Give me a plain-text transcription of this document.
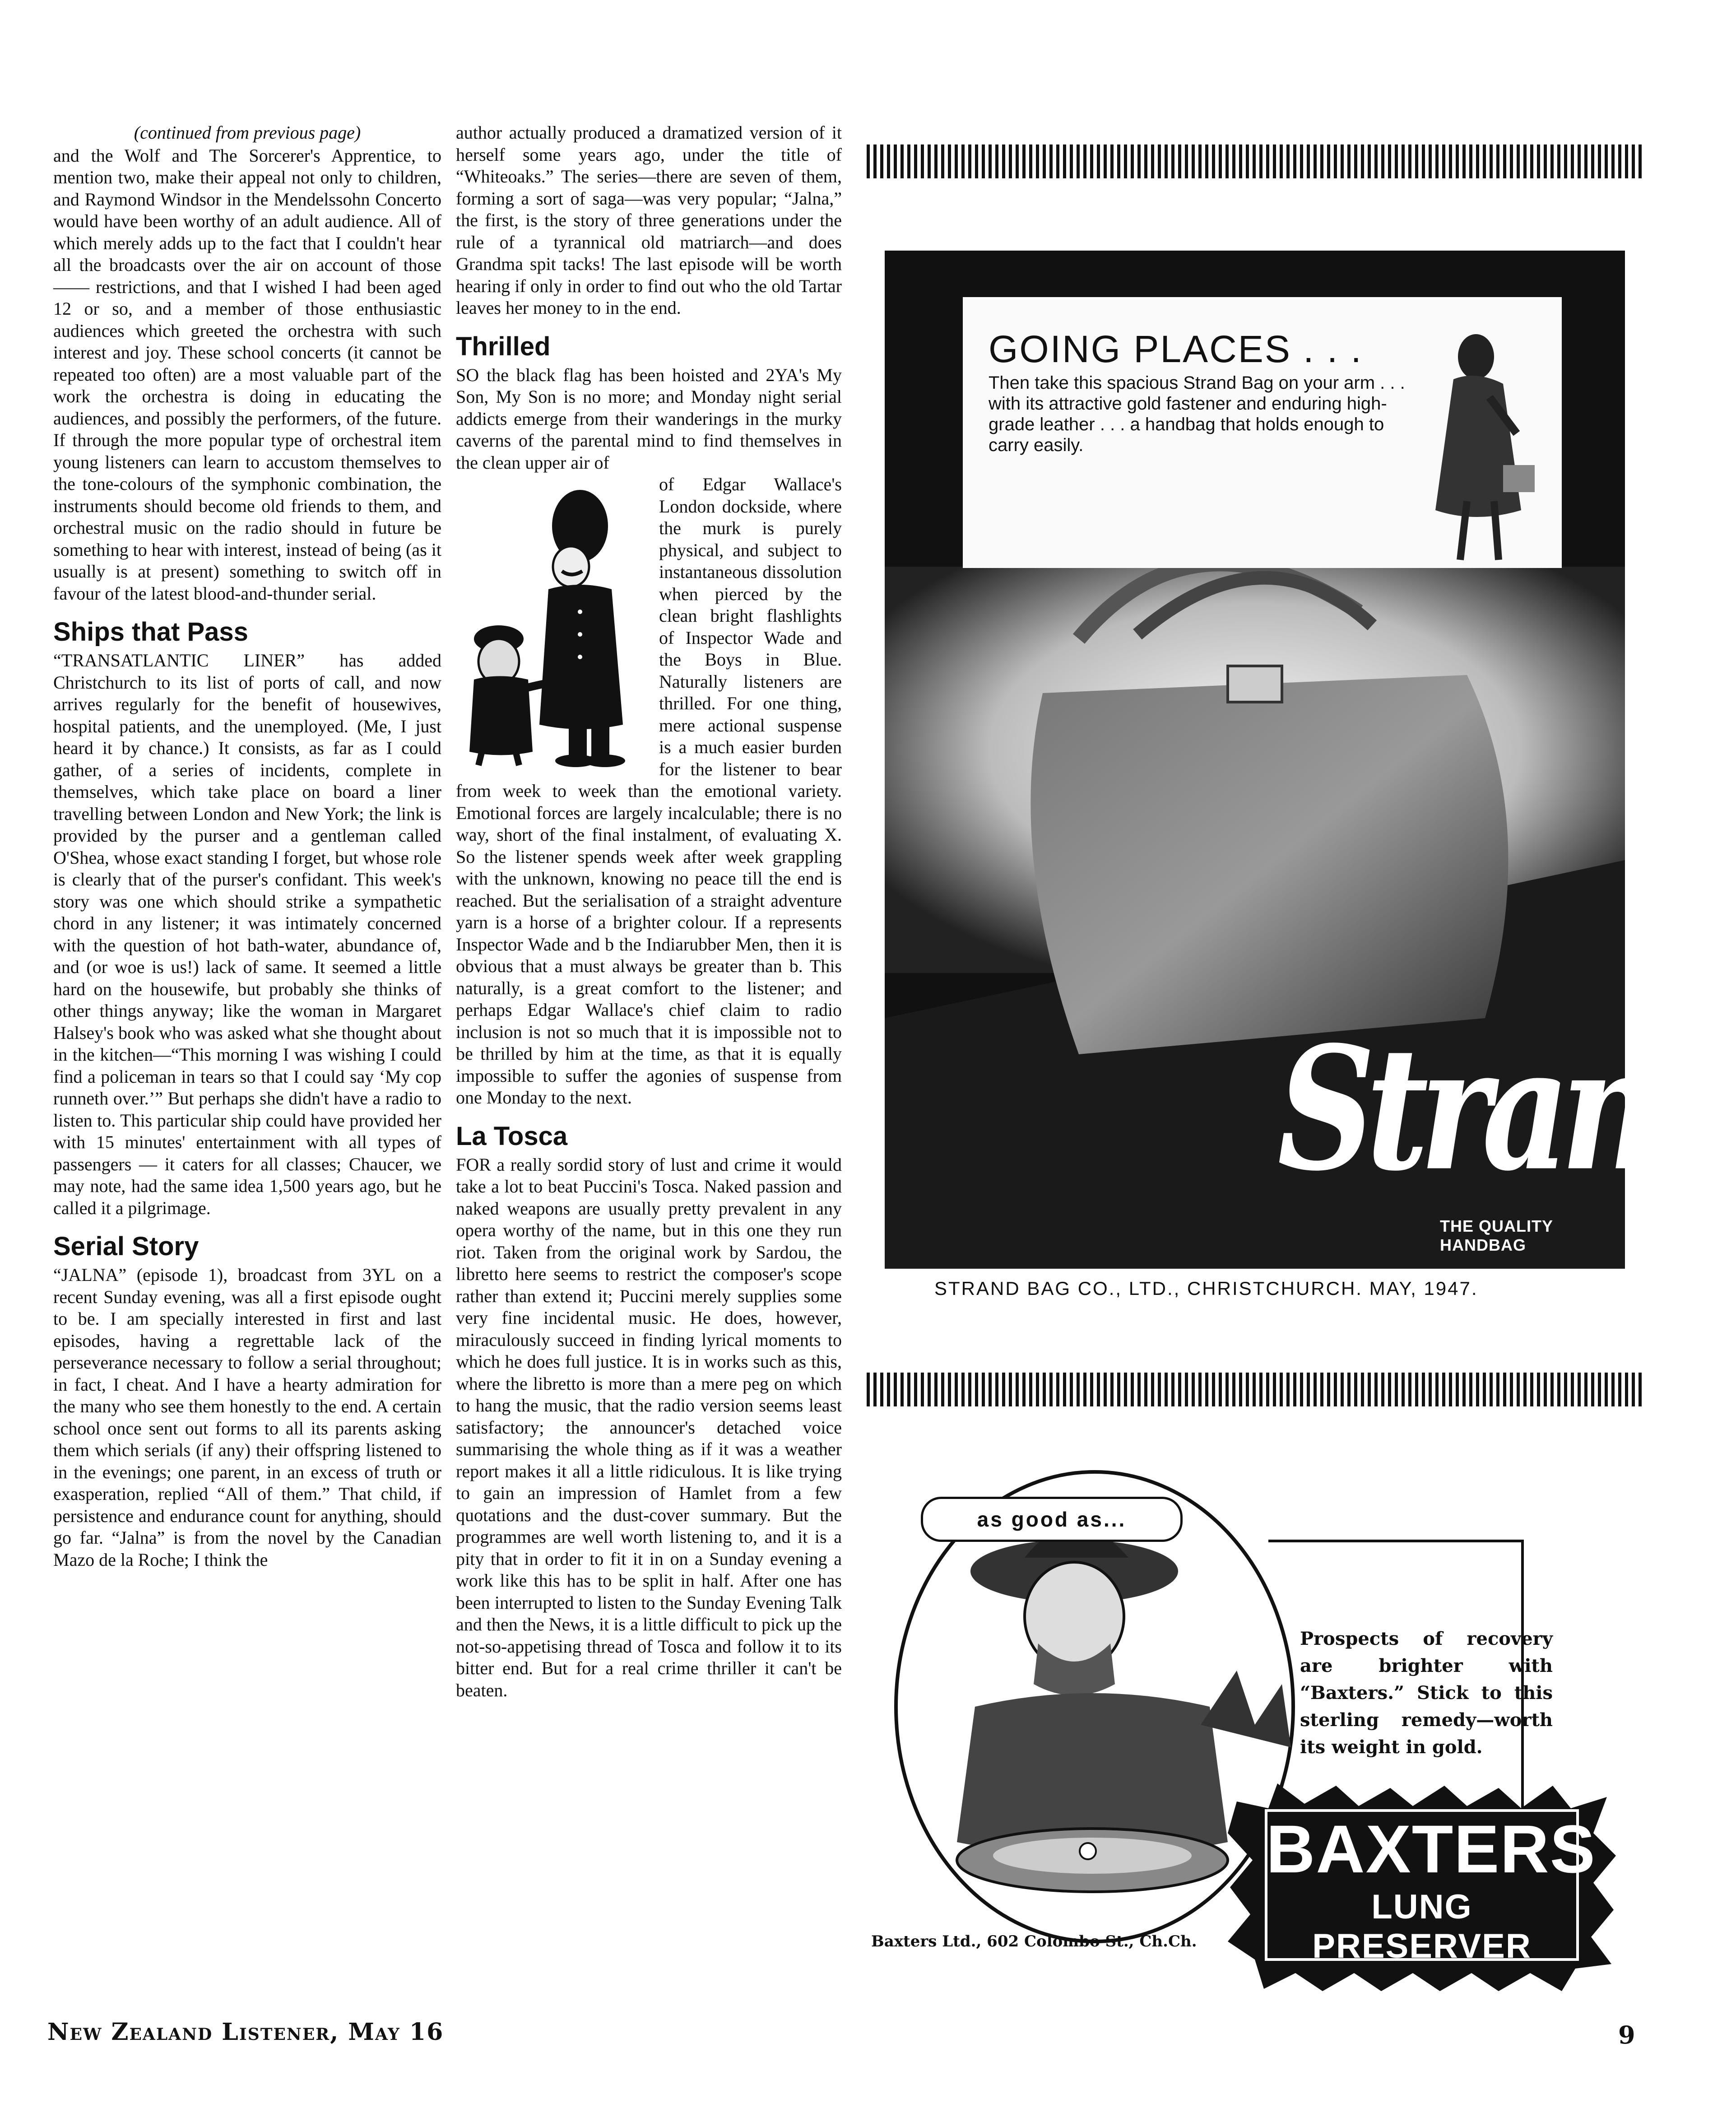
(continued from previous page)

and the Wolf and The Sorcerer's Apprentice, to mention two, make their appeal not only to children, and Raymond Windsor in the Mendelssohn Concerto would have been worthy of an adult audience. All of which merely adds up to the fact that I couldn't hear all the broadcasts over the air on account of those —— restrictions, and that I wished I had been aged 12 or so, and a member of those enthusiastic audiences which greeted the orchestra with such interest and joy. These school concerts (it cannot be repeated too often) are a most valuable part of the work the orchestra is doing in educating the audiences, and possibly the performers, of the future. If through the more popular type of orchestral item young listeners can learn to accustom themselves to the tone-colours of the symphonic combination, the instruments should become old friends to them, and orchestral music on the radio should in future be something to hear with interest, instead of being (as it usually is at present) something to switch off in favour of the latest blood-and-thunder serial.

Ships that Pass

“TRANSATLANTIC LINER” has added Christchurch to its list of ports of call, and now arrives regularly for the benefit of housewives, hospital patients, and the unemployed. (Me, I just heard it by chance.) It consists, as far as I could gather, of a series of incidents, complete in themselves, which take place on board a liner travelling between London and New York; the link is provided by the purser and a gentleman called O'Shea, whose exact standing I forget, but whose role is clearly that of the purser's confidant. This week's story was one which should strike a sympathetic chord in any listener; it was intimately concerned with the question of hot bath-water, abundance of, and (or woe is us!) lack of same. It seemed a little hard on the housewife, but probably she thinks of other things anyway; like the woman in Margaret Halsey's book who was asked what she thought about in the kitchen—“This morning I was wishing I could find a policeman in tears so that I could say ‘My cop runneth over.’” But perhaps she didn't have a radio to listen to. This particular ship could have provided her with 15 minutes' entertainment with all types of passengers — it caters for all classes; Chaucer, we may note, had the same idea 1,500 years ago, but he called it a pilgrimage.

Serial Story

“JALNA” (episode 1), broadcast from 3YL on a recent Sunday evening, was all a first episode ought to be. I am specially interested in first and last episodes, having a regrettable lack of the perseverance necessary to follow a serial throughout; in fact, I cheat. And I have a hearty admiration for the many who see them honestly to the end. A certain school once sent out forms to all its parents asking them which serials (if any) their offspring listened to in the evenings; one parent, in an excess of truth or exasperation, replied “All of them.” That child, if persistence and endurance count for anything, should go far. “Jalna” is from the novel by the Canadian Mazo de la Roche; I think the

author actually produced a dramatized version of it herself some years ago, under the title of “Whiteoaks.” The series—there are seven of them, forming a sort of saga—was very popular; “Jalna,” the first, is the story of three generations under the rule of a tyrannical old matriarch—and does Grandma spit tacks! The last episode will be worth hearing if only in order to find out who the old Tartar leaves her money to in the end.

Thrilled

SO the black flag has been hoisted and 2YA's My Son, My Son is no more; and Monday night serial addicts emerge from their wanderings in the murky caverns of the parental mind to find themselves in the clean upper air of

of Edgar Wallace's London dockside, where the murk is purely physical, and subject to instantaneous dissolution when pierced by the clean bright flashlights of Inspector Wade and the Boys in Blue. Naturally listeners are thrilled. For one thing, mere actional suspense is a much easier burden for the listener to bear from week to week than the emotional variety. Emotional forces are largely incalculable; there is no way, short of the final instalment, of evaluating X. So the listener spends week after week grappling with the unknown, knowing no peace till the end is reached. But the serialisation of a straight adventure yarn is a horse of a brighter colour. If a represents Inspector Wade and b the Indiarubber Men, then it is obvious that a must always be greater than b. This naturally, is a great comfort to the listener; and perhaps Edgar Wallace's chief claim to radio inclusion is not so much that it is impossible not to be thrilled by him at the time, as that it is equally impossible to suffer the agonies of suspense from one Monday to the next.

La Tosca

FOR a really sordid story of lust and crime it would take a lot to beat Puccini's Tosca. Naked passion and naked weapons are usually pretty prevalent in any opera worthy of the name, but in this one they run riot. Taken from the original work by Sardou, the libretto here seems to restrict the composer's scope rather than extend it; Puccini merely supplies some very fine incidental music. He does, however, miraculously succeed in finding lyrical moments to which he does full justice. It is in works such as this, where the libretto is more than a mere peg on which to hang the music, that the radio version seems least satisfactory; the announcer's detached voice summarising the whole thing as if it was a weather report makes it all a little ridiculous. It is like trying to gain an impression of Hamlet from a few quotations and the dust-cover summary. But the programmes are well worth listening to, and it is a pity that in order to fit it in on a Sunday evening a work like this has to be split in half. After one has been interrupted to listen to the Sunday Evening Talk and then the News, it is a little difficult to pick up the not-so-appetising thread of Tosca and follow it to its bitter end. But for a real crime thriller it can't be beaten.

GOING PLACES . . .
Then take this spacious Strand Bag on your arm . . . with its attractive gold fastener and enduring high-grade leather . . . a handbag that holds enough to carry easily.
Strand
THE QUALITY HANDBAG
STRAND BAG CO., LTD., CHRISTCHURCH. MAY, 1947.
as good as...
Prospects of recovery are brighter with “Baxters.” Stick to this sterling remedy—worth its weight in gold.
BAXTERS
LUNG PRESERVER
Baxters Ltd., 602 Colombo St., Ch.Ch.
New Zealand Listener, May 16	9
